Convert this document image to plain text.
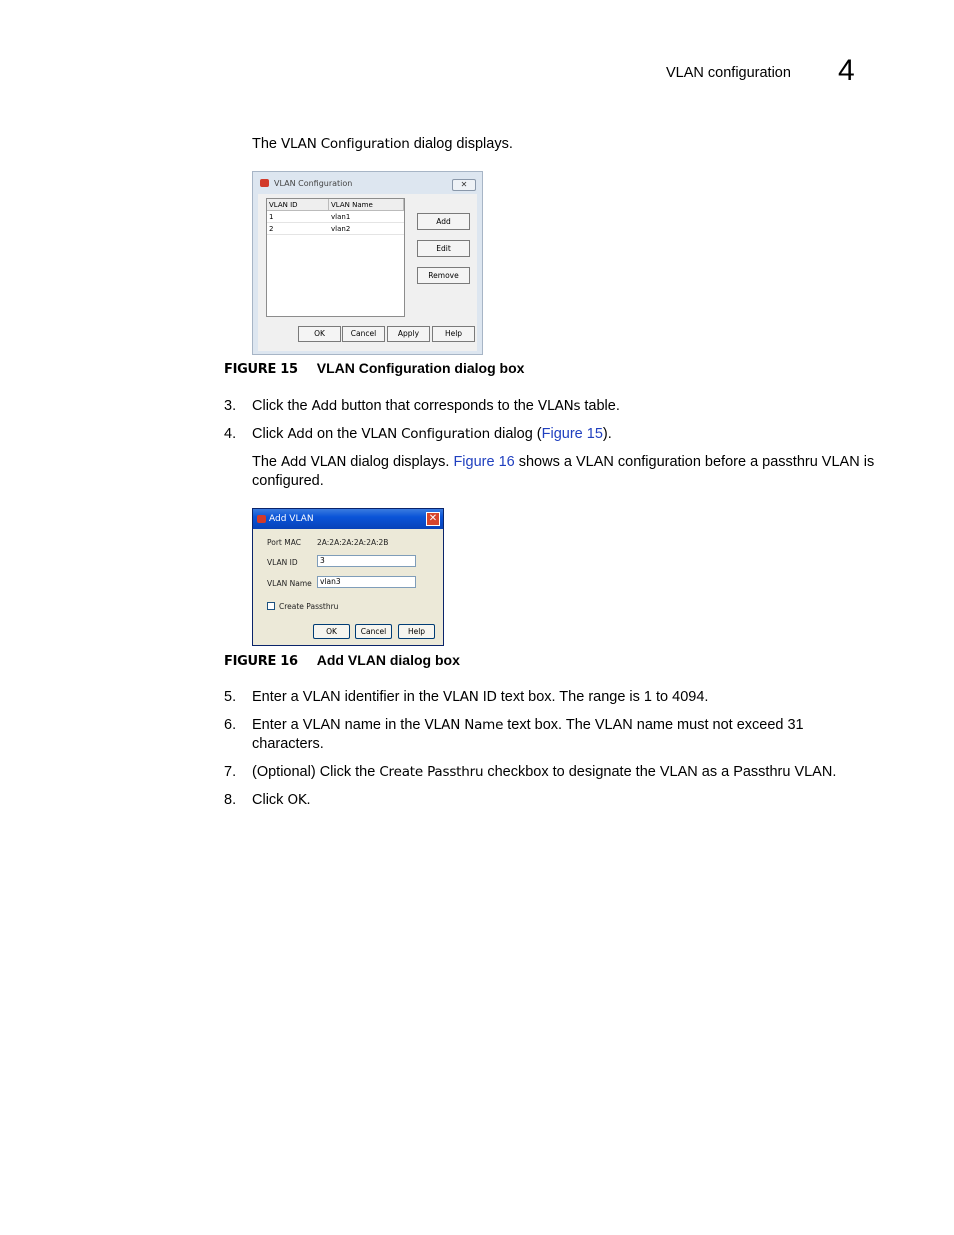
VLAN configuration 4

The VLAN Configuration dialog displays.

VLAN Configuration	✕
VLAN ID	VLAN Name
1	vlan1
2	vlan2
Add
Edit
Remove
OK	Cancel	Apply	Help
FIGURE 15 VLAN Configuration dialog box
3. Click the Add button that corresponds to the VLANs table.
4. Click Add on the VLAN Configuration dialog (Figure 15).

The Add VLAN dialog displays. Figure 16 shows a VLAN configuration before a passthru VLAN is configured.

Add VLAN	✕
Port MAC 2A:2A:2A:2A:2A:2B
VLAN ID	3
VLAN Name	vlan3
Create Passthru
OK	Cancel	Help
FIGURE 16 Add VLAN dialog box
5. Enter a VLAN identifier in the VLAN ID text box. The range is 1 to 4094.
6. Enter a VLAN name in the VLAN Name text box. The VLAN name must not exceed 31 characters.
7. (Optional) Click the Create Passthru checkbox to designate the VLAN as a Passthru VLAN.
8. Click OK.
